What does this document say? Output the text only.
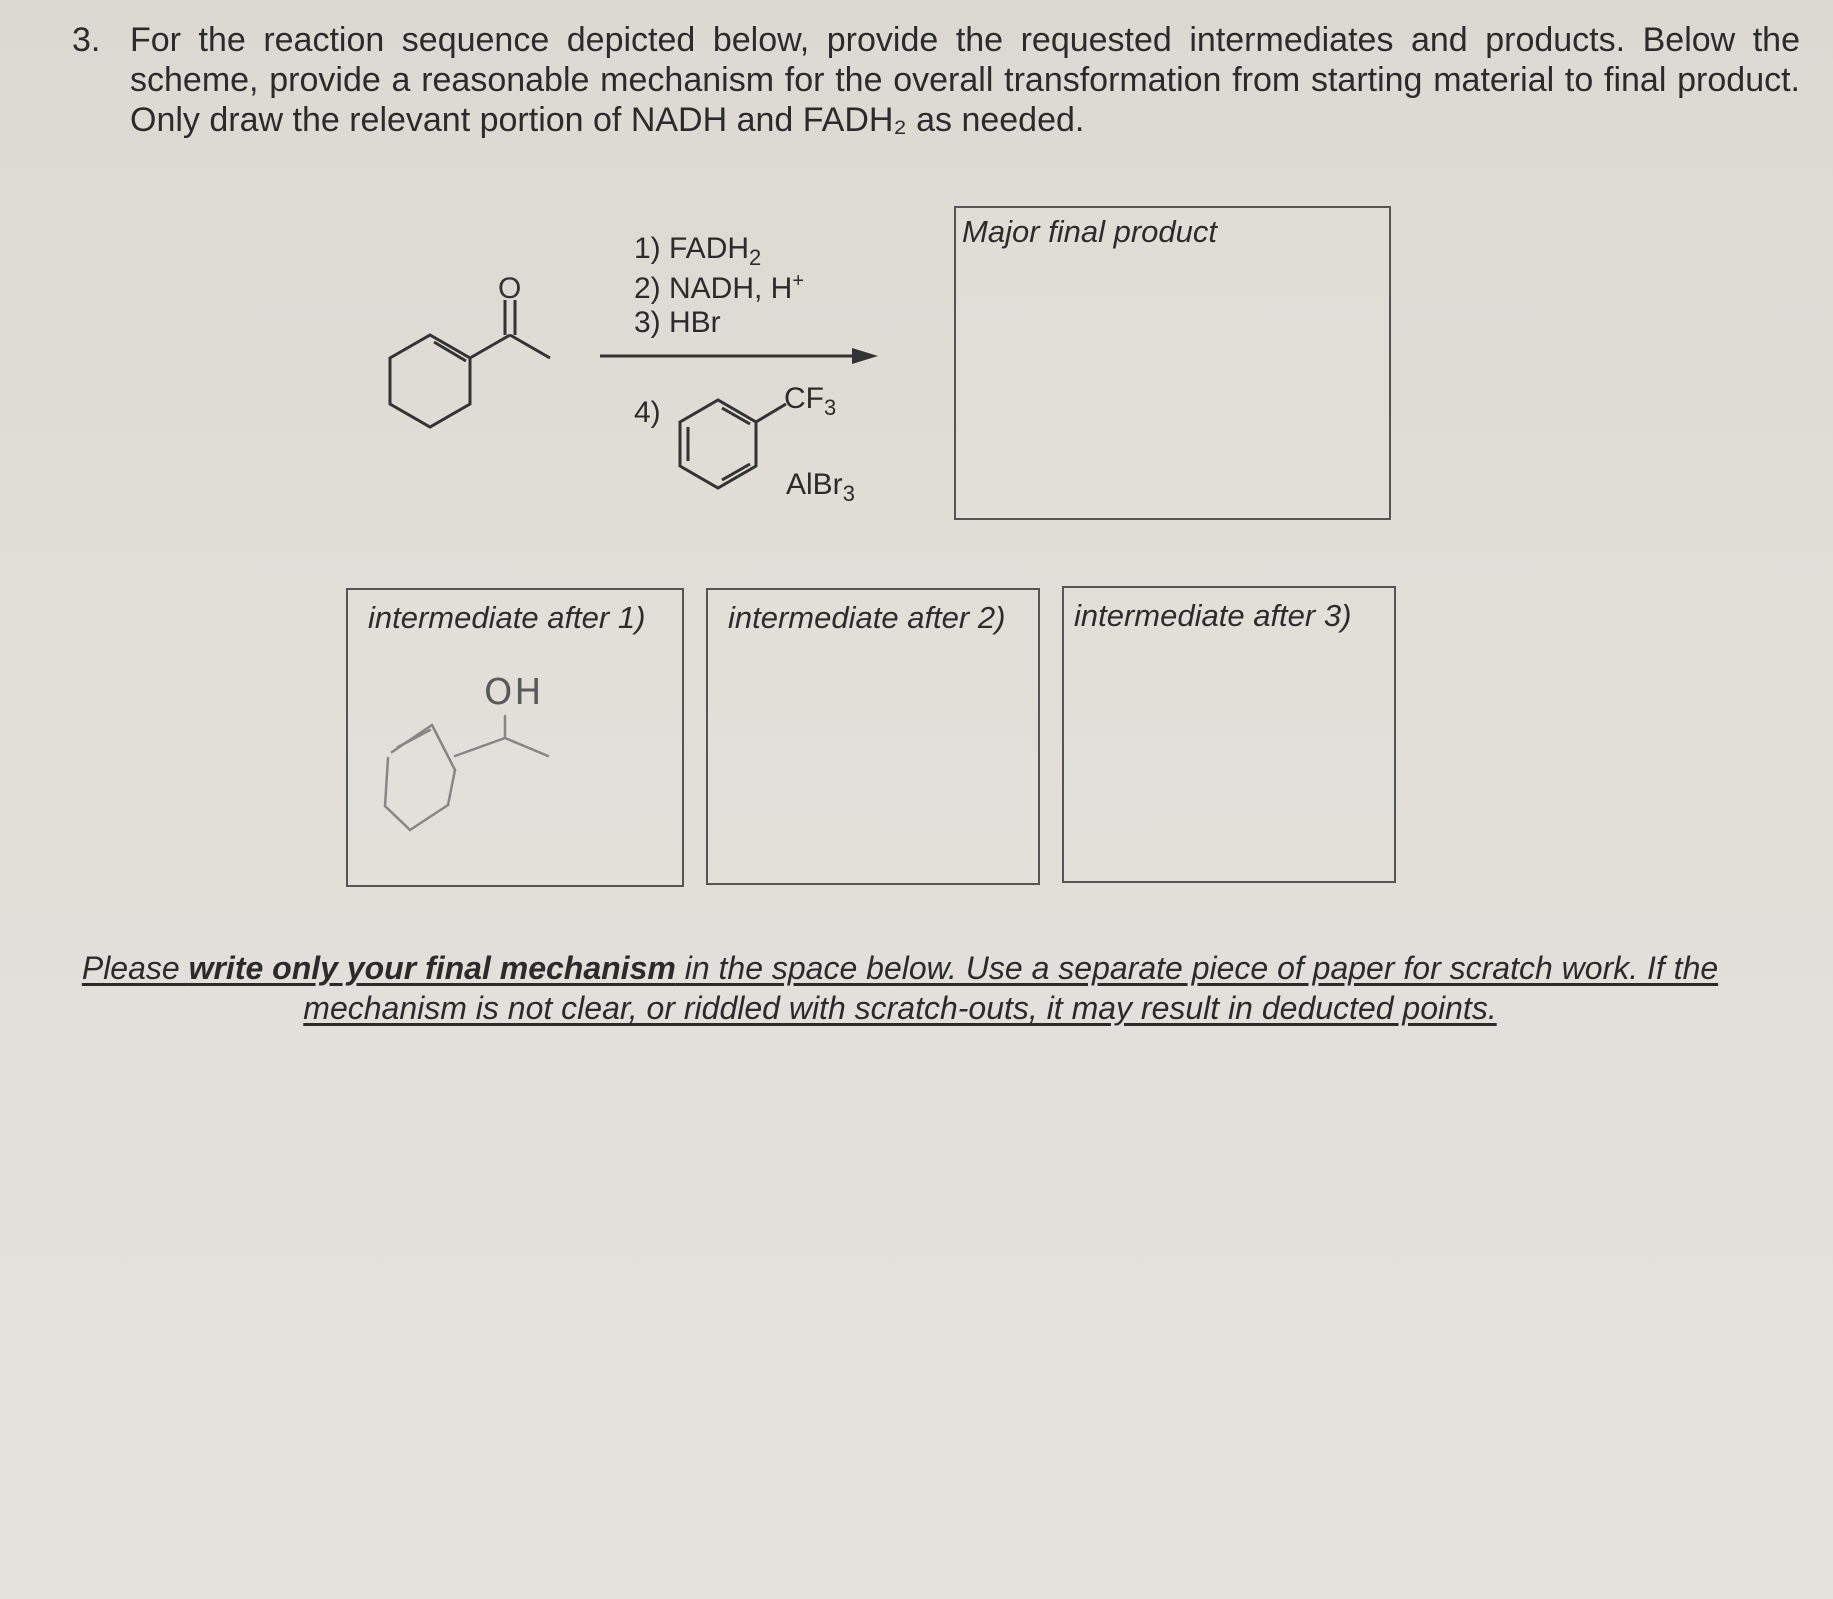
3. For the reaction sequence depicted below, provide the requested intermediates and products. Below the scheme, provide a reasonable mechanism for the overall transformation from starting material to final product. Only draw the relevant portion of NADH and FADH₂ as needed.
O
1) $FADH_2$
2) NADH, H+
3) HBr
4)	$CF_3$
AlBr$_3$
Major final product
intermediate after 1)	intermediate after 2) intermediate after 3)
OH
Please write only your final mechanism in the space below. Use a separate piece of paper for scratch work. If the mechanism is not clear, or riddled with scratch-outs, it may result in deducted points.
